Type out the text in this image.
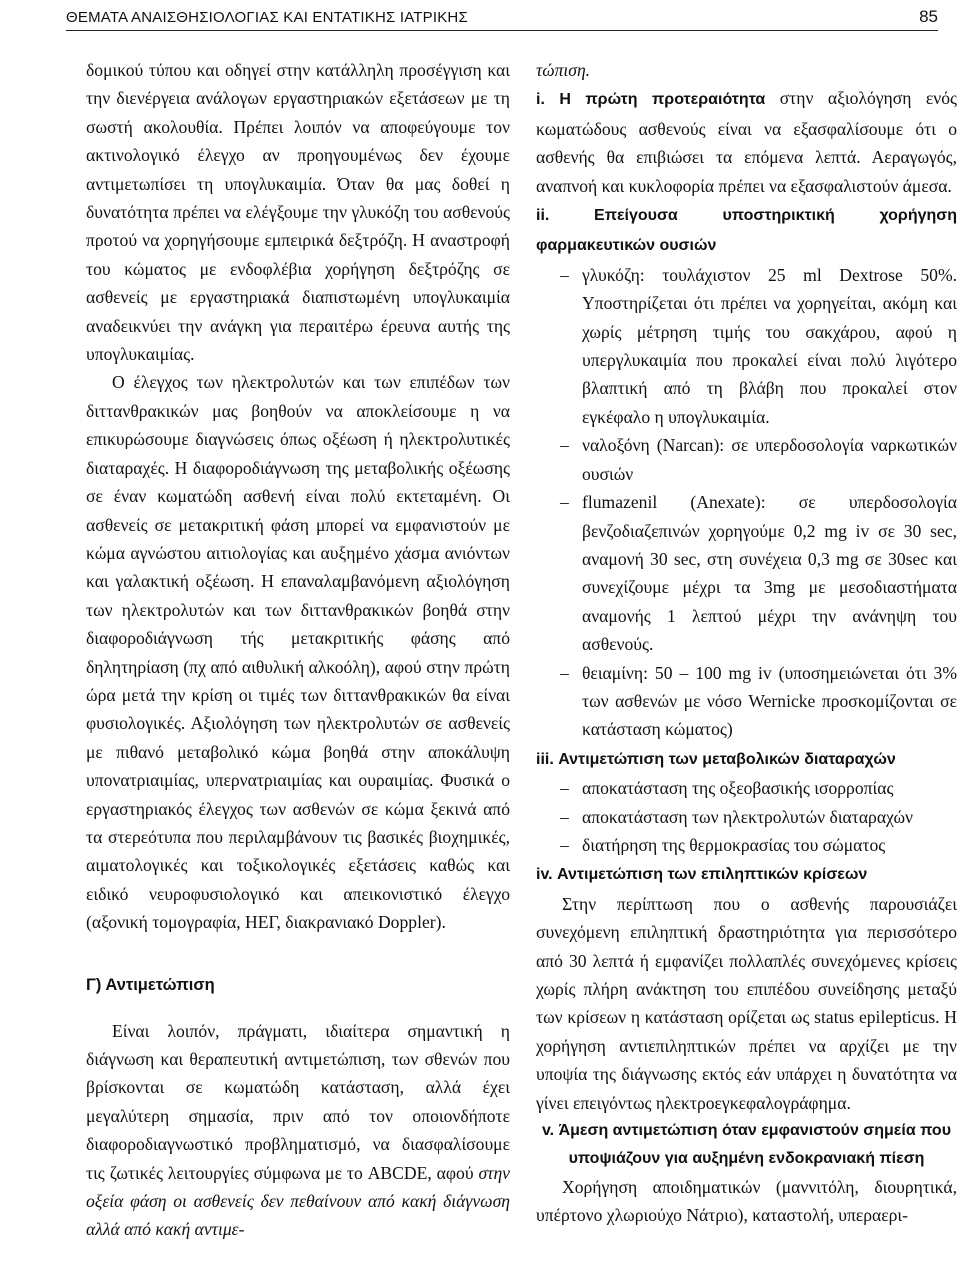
ΘΕΜΑΤΑ ΑΝΑΙΣΘΗΣΙΟΛΟΓΙΑΣ ΚΑΙ ΕΝΤΑΤΙΚΗΣ ΙΑΤΡΙΚΗΣ	85

δομικού τύπου και οδηγεί στην κατάλληλη προσέγγιση και την διενέργεια ανάλογων εργαστηριακών εξετάσεων με τη σωστή ακολουθία. Πρέπει λοιπόν να αποφεύγουμε τον ακτινολογικό έλεγχο αν προηγουμένως δεν έχουμε αντιμετωπίσει τη υπογλυκαιμία. Όταν θα μας δοθεί η δυνατότητα πρέπει να ελέγξουμε την γλυκόζη του ασθενούς προτού να χορηγήσουμε εμπειρικά δεξτρόζη. Η αναστροφή του κώματος με ενδοφλέβια χορήγηση δεξτρόζης σε ασθενείς με εργαστηριακά διαπιστωμένη υπογλυκαιμία αναδεικνύει την ανάγκη για περαιτέρω έρευνα αυτής της υπογλυκαιμίας.

Ο έλεγχος των ηλεκτρολυτών και των επιπέδων των διττανθρακικών μας βοηθούν να αποκλείσουμε η να επικυρώσουμε διαγνώσεις όπως οξέωση ή ηλεκτρολυτικές διαταραχές. Η διαφοροδιάγνωση της μεταβολικής οξέωσης σε έναν κωματώδη ασθενή είναι πολύ εκτεταμένη. Οι ασθενείς σε μετακριτική φάση μπορεί να εμφανιστούν με κώμα αγνώστου αιτιολογίας και αυξημένο χάσμα ανιόντων και γαλακτική οξέωση. Η επαναλαμβανόμενη αξιολόγηση των ηλεκτρολυτών και των διττανθρακικών βοηθά στην διαφοροδιάγνωση τής μετακριτικής φάσης από δηλητηρίαση (πχ από αιθυλική αλκοόλη), αφού στην πρώτη ώρα μετά την κρίση οι τιμές των διττανθρακικών θα είναι φυσιολογικές. Αξιολόγηση των ηλεκτρολυτών σε ασθενείς με πιθανό μεταβολικό κώμα βοηθά στην αποκάλυψη υπονατριαιμίας, υπερνατριαιμίας και ουραιμίας. Φυσικά ο εργαστηριακός έλεγχος των ασθενών σε κώμα ξεκινά από τα στερεότυπα που περιλαμβάνουν τις βασικές βιοχημικές, αιματολογικές και τοξικολογικές εξετάσεις καθώς και ειδικό νευροφυσιολογικό και απεικονιστικό έλεγχο (αξονική τομογραφία, ΗΕΓ, διακρανιακό Doppler).

Γ) Αντιμετώπιση

Είναι λοιπόν, πράγματι, ιδιαίτερα σημαντική η διάγνωση και θεραπευτική αντιμετώπιση, των σθενών που βρίσκονται σε κωματώδη κατάσταση, αλλά έχει μεγαλύτερη σημασία, πριν από τον οποιονδήποτε διαφοροδιαγνωστικό προβληματισμό, να διασφαλίσουμε τις ζωτικές λειτουργίες σύμφωνα με το ABCDE, αφού στην οξεία φάση οι ασθενείς δεν πεθαίνουν από κακή διάγνωση αλλά από κακή αντιμε-

τώπιση.

i. Η πρώτη προτεραιότητα στην αξιολόγηση ενός κωματώδους ασθενούς είναι να εξασφαλίσουμε ότι ο ασθενής θα επιβιώσει τα επόμενα λεπτά. Αεραγωγός, αναπνοή και κυκλοφορία πρέπει να εξασφαλιστούν άμεσα.

ii.	Επείγουσα υποστηρικτική χορήγηση φαρμακευτικών ουσιών

– γλυκόζη: τουλάχιστον 25 ml Dextrose 50%. Υποστηρίζεται ότι πρέπει να χορηγείται, ακόμη και χωρίς μέτρηση τιμής του σακχάρου, αφού η υπεργλυκαιμία που προκαλεί είναι πολύ λιγότερο βλαπτική από τη βλάβη που προκαλεί στον εγκέφαλο η υπογλυκαιμία.
– ναλοξόνη (Narcan): σε υπερδοσολογία ναρκωτικών ουσιών
– flumazenil (Anexate): σε υπερδοσολογία βενζοδιαζεπινών χορηγούμε 0,2 mg iv σε 30 sec, αναμονή 30 sec, στη συνέχεια 0,3 mg σε 30sec και συνεχίζουμε μέχρι τα 3mg με μεσοδιαστήματα αναμονής 1 λεπτού μέχρι την ανάνηψη του ασθενούς.
– θειαμίνη: 50 – 100 mg iv (υποσημειώνεται ότι 3% των ασθενών με νόσο Wernicke προσκομίζονται σε κατάσταση κώματος)

iii. Αντιμετώπιση των μεταβολικών διαταραχών

– αποκατάσταση της οξεοβασικής ισορροπίας
– αποκατάσταση των ηλεκτρολυτών διαταραχών
– διατήρηση της θερμοκρασίας του σώματος

iv. Αντιμετώπιση των επιληπτικών κρίσεων

Στην περίπτωση που ο ασθενής παρουσιάζει συνεχόμενη επιληπτική δραστηριότητα για περισσότερο από 30 λεπτά ή εμφανίζει πολλαπλές συνεχόμενες κρίσεις χωρίς πλήρη ανάκτηση του επιπέδου συνείδησης μεταξύ των κρίσεων η κατάσταση ορίζεται ως status epilepticus. Η χορήγηση αντιεπιληπτικών πρέπει να αρχίζει με την υποψία της διάγνωσης εκτός εάν υπάρχει η δυνατότητα να γίνει επειγόντως ηλεκτροεγκεφαλογράφημα.

v. Άμεση αντιμετώπιση όταν εμφανιστούν σημεία που υποψιάζουν για αυξημένη ενδοκρανιακή πίεση

Χορήγηση αποιδηματικών (μαννιτόλη, διουρητικά, υπέρτονο χλωριούχο Νάτριο), καταστολή, υπεραερι-
